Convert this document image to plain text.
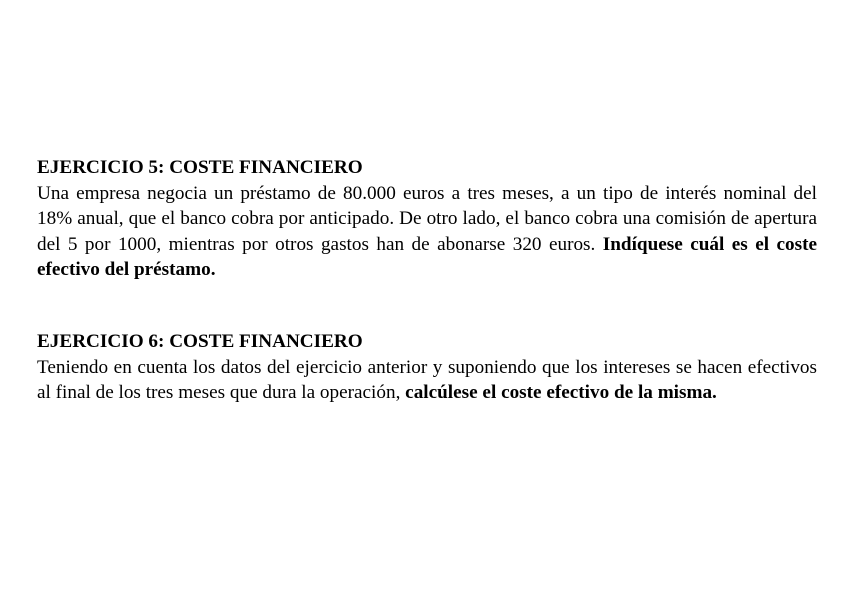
EJERCICIO 5: COSTE FINANCIERO

Una empresa negocia un préstamo de 80.000 euros a tres meses, a un tipo de interés nominal del 18% anual, que el banco cobra por anticipado. De otro lado, el banco cobra una comisión de apertura del 5 por 1000, mientras por otros gastos han de abonarse 320 euros. Indíquese cuál es el coste efectivo del préstamo.

EJERCICIO 6: COSTE FINANCIERO

Teniendo en cuenta los datos del ejercicio anterior y suponiendo que los intereses se hacen efectivos al final de los tres meses que dura la operación, calcúlese el coste efectivo de la misma.
